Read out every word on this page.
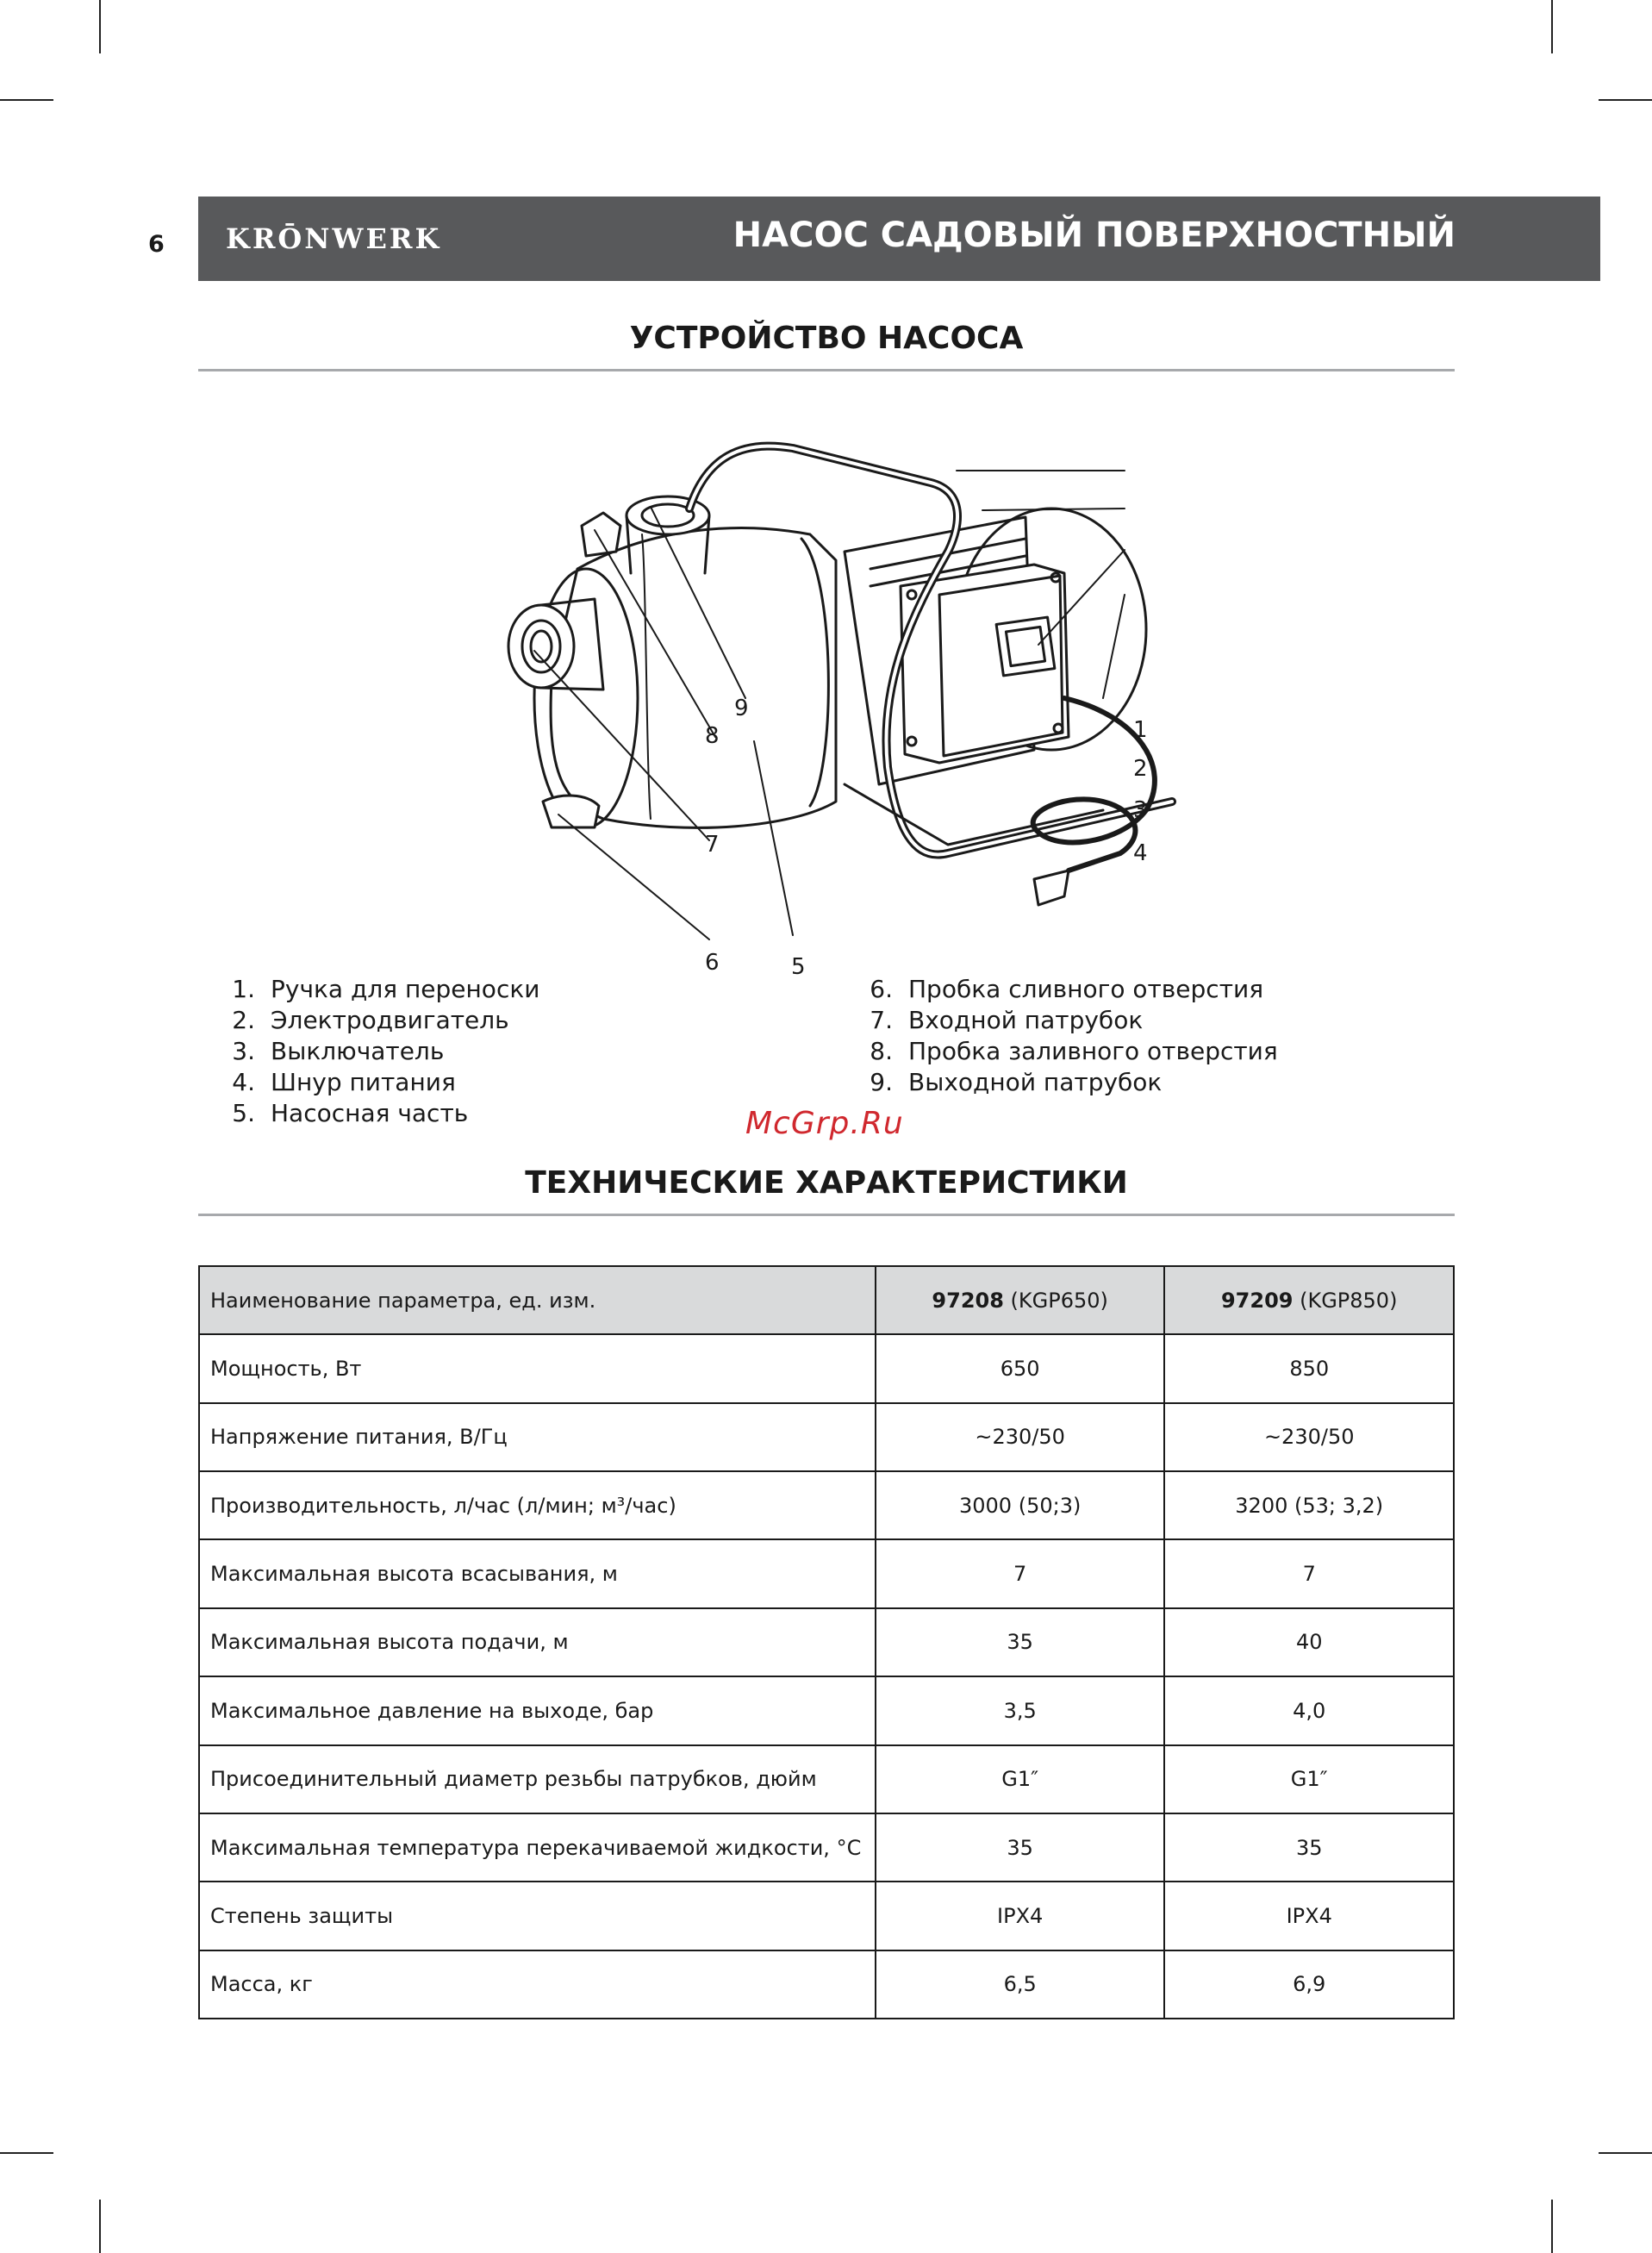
6 KRŌNWERK	НАСОС САДОВЫЙ ПОВЕРХНОСТНЫЙ
УСТРОЙСТВО НАСОСА
1
2
3
4
5
6
7
8
9
1. Ручка для переноски
2. Электродвигатель
3. Выключатель
4. Шнур питания
5. Насосная часть
6. Пробка сливного отверстия
7. Входной патрубок
8. Пробка заливного отверстия
9. Выходной патрубок
McGrp.Ru
ТЕХНИЧЕСКИЕ ХАРАКТЕРИСТИКИ
Наименование параметра, ед. изм.	97208 (KGP650)	97209 (KGP850)
Мощность, Вт	650	850
Напряжение питания, В/Гц	~230/50	~230/50
Производительность, л/час (л/мин; м³/час)	3000 (50;3)	3200 (53; 3,2)
Максимальная высота всасывания, м	7	7
Максимальная высота подачи, м	35	40
Максимальное давление на выходе, бар	3,5	4,0
Присоединительный диаметр резьбы патрубков, дюйм	G1″	G1″
Максимальная температура перекачиваемой жидкости, °С	35	35
Степень защиты	IPX4	IPX4
Масса, кг	6,5	6,9
